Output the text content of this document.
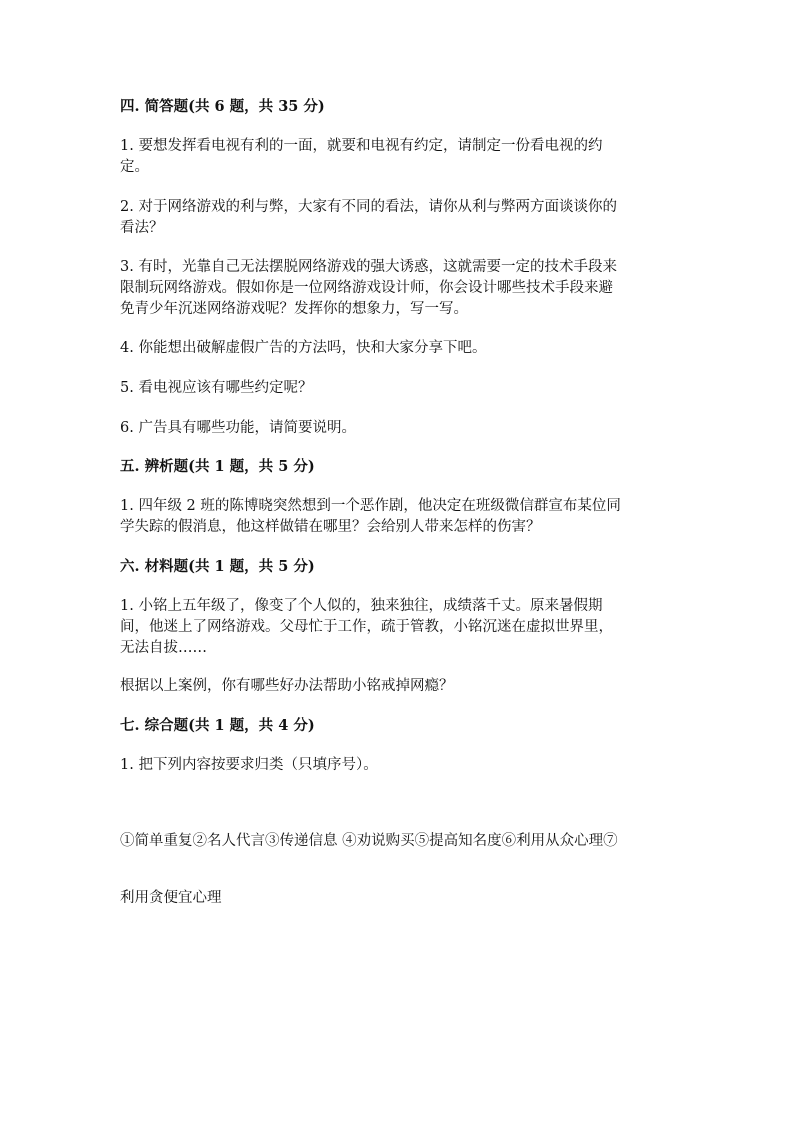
四. 简答题(共 6 题，共 35 分)
1. 要想发挥看电视有利的一面，就要和电视有约定，请制定一份看电视的约
定。
2. 对于网络游戏的利与弊，大家有不同的看法，请你从利与弊两方面谈谈你的
看法？
3. 有时，光靠自己无法摆脱网络游戏的强大诱惑，这就需要一定的技术手段来
限制玩网络游戏。假如你是一位网络游戏设计师，你会设计哪些技术手段来避
免青少年沉迷网络游戏呢？发挥你的想象力，写一写。
4. 你能想出破解虚假广告的方法吗，快和大家分享下吧。
5. 看电视应该有哪些约定呢？
6. 广告具有哪些功能，请简要说明。
五. 辨析题(共 1 题，共 5 分)
1. 四年级 2 班的陈博晓突然想到一个恶作剧，他决定在班级微信群宣布某位同
学失踪的假消息，他这样做错在哪里？会给别人带来怎样的伤害？
六. 材料题(共 1 题，共 5 分)
1. 小铭上五年级了，像变了个人似的，独来独往，成绩落千丈。原来暑假期
间，他迷上了网络游戏。父母忙于工作，疏于管教，小铭沉迷在虚拟世界里，
无法自拔……
根据以上案例，你有哪些好办法帮助小铭戒掉网瘾？
七. 综合题(共 1 题，共 4 分)
1. 把下列内容按要求归类（只填序号）。
①简单重复②名人代言③传递信息 ④劝说购买⑤提高知名度⑥利用从众心理⑦
利用贪便宜心理
